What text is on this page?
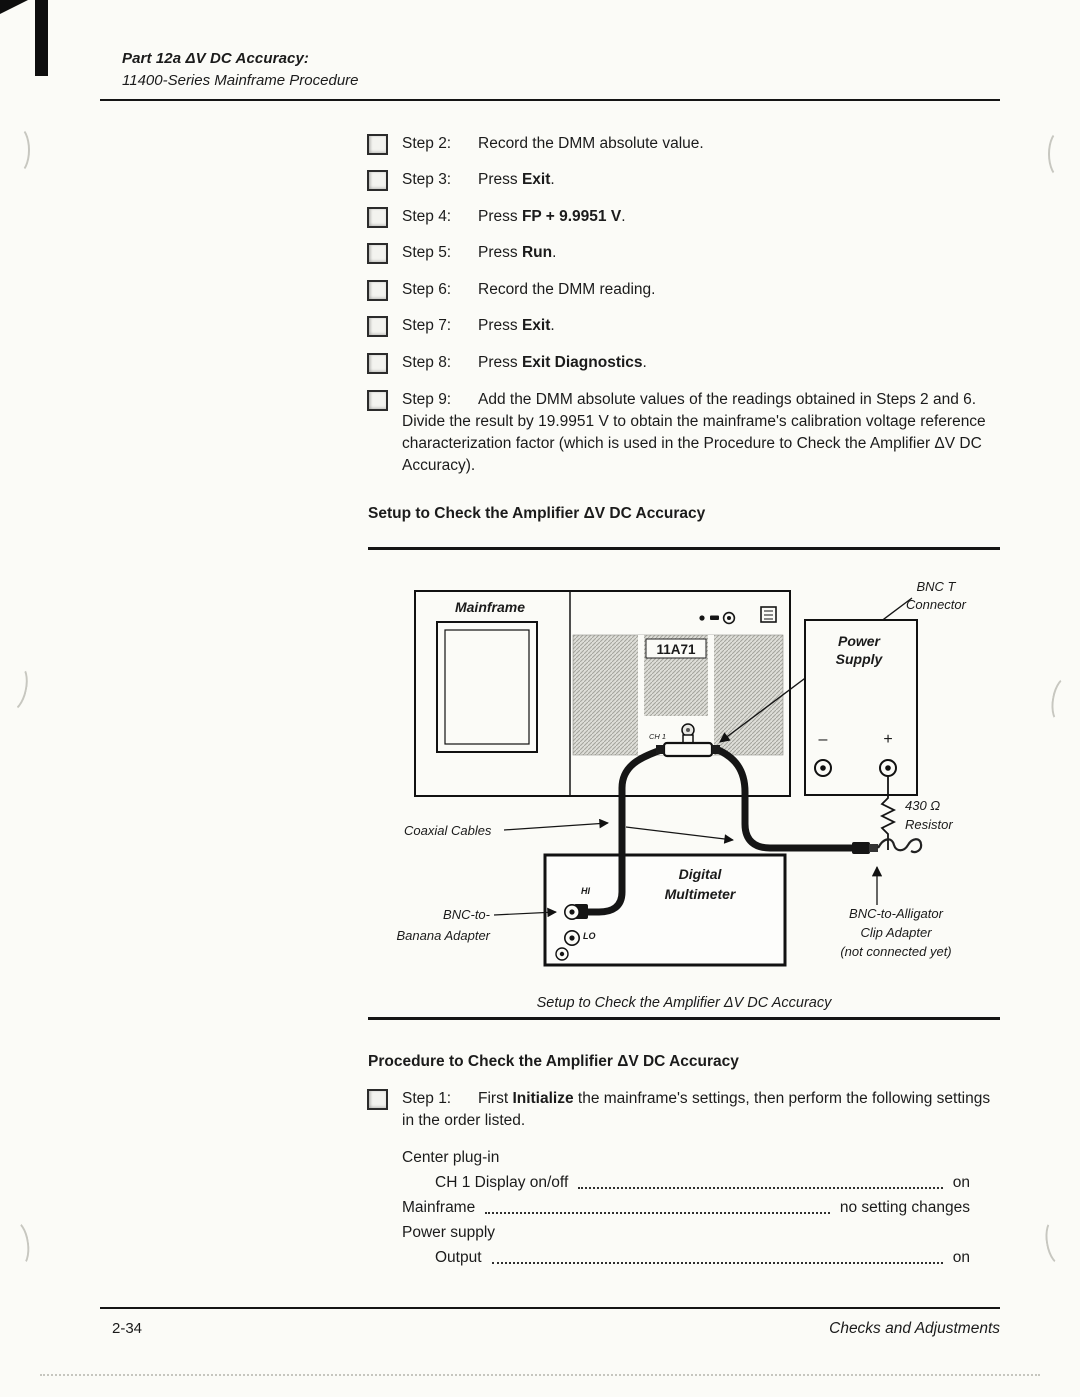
Part 12a ΔV DC Accuracy:
11400-Series Mainframe Procedure
Step 2:	Record the DMM absolute value.
Step 3:	Press Exit.
Step 4:	Press FP + 9.9951 V.
Step 5:	Press Run.
Step 6:	Record the DMM reading.
Step 7:	Press Exit.
Step 8:	Press Exit Diagnostics.

Step 9: Add the DMM absolute values of the readings obtained in Steps 2 and 6. Divide the result by 19.9951 V to obtain the mainframe's calibration voltage reference characterization factor (which is used in the Procedure to Check the Amplifier ΔV DC Accuracy).

Setup to Check the Amplifier ΔV DC Accuracy
Mainframe
11A71
CH 1
Power
Supply
–	+
430 Ω
Resistor
Digital
Multimeter
HI
LO
BNC T
Connector
Coaxial Cables
BNC-to-
Banana Adapter
BNC-to-Alligator
Clip Adapter
(not connected yet)
Setup to Check the Amplifier ΔV DC Accuracy
Procedure to Check the Amplifier ΔV DC Accuracy

Step 1: First Initialize the mainframe's settings, then perform the following settings in the order listed.

Center plug-in
CH 1 Display on/off	on
Mainframe	no setting changes
Power supply
Output	on
2-34	Checks and Adjustments
